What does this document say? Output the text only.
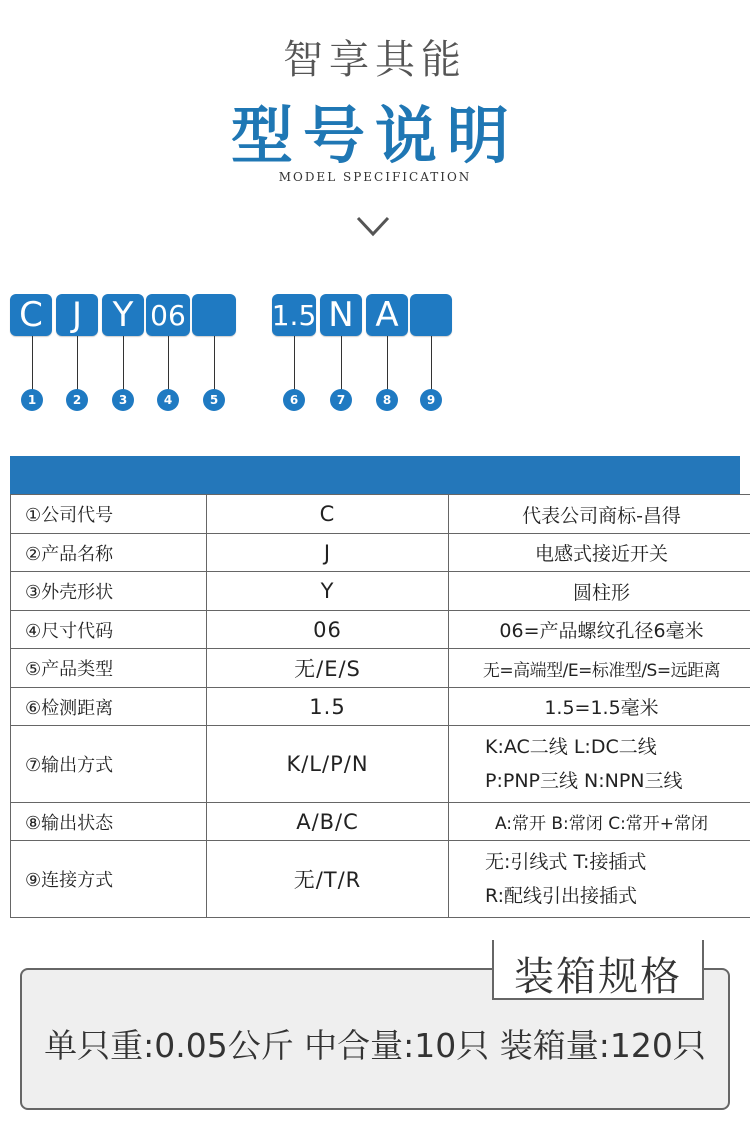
智享其能
型号说明
MODEL SPECIFICATION
C J Y 06	1.5 N A
1	2	3	4	5	6	7	8	9
①公司代号	C	代表公司商标-昌得
②产品名称	J	电感式接近开关
③外壳形状	Y	圆柱形
④尺寸代码	06	06=产品螺纹孔径6毫米
⑤产品类型	无/E/S	无=高端型/E=标准型/S=远距离
⑥检测距离	1.5	1.5=1.5毫米
⑦输出方式	K/L/P/N	K:AC二线 L:DC二线
P:PNP三线 N:NPN三线

⑧输出状态	A/B/C	A:常开 B:常闭 C:常开+常闭
⑨连接方式	无/T/R	无:引线式 T:接插式
R:配线引出接插式
装箱规格
单只重:0.05公斤 中合量:10只 装箱量:120只
